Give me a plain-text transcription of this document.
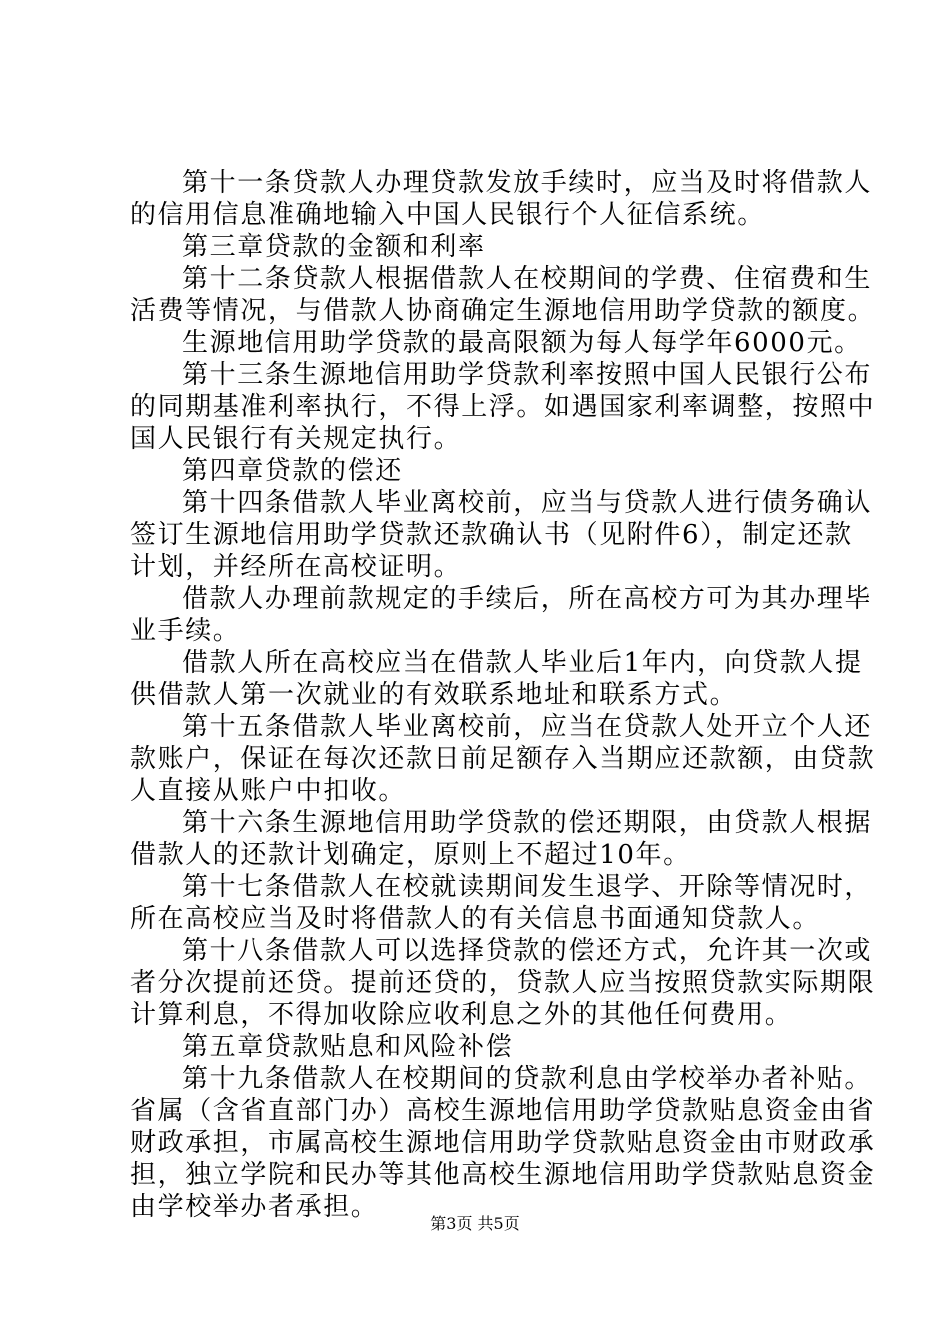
第十一条贷款人办理贷款发放手续时，应当及时将借款人
的信用信息准确地输入中国人民银行个人征信系统。
第三章贷款的金额和利率
第十二条贷款人根据借款人在校期间的学费、住宿费和生
活费等情况，与借款人协商确定生源地信用助学贷款的额度。
生源地信用助学贷款的最高限额为每人每学年6000元。
第十三条生源地信用助学贷款利率按照中国人民银行公布
的同期基准利率执行，不得上浮。如遇国家利率调整，按照中
国人民银行有关规定执行。
第四章贷款的偿还
第十四条借款人毕业离校前，应当与贷款人进行债务确认
签订生源地信用助学贷款还款确认书（见附件6），制定还款
计划，并经所在高校证明。
借款人办理前款规定的手续后，所在高校方可为其办理毕
业手续。
借款人所在高校应当在借款人毕业后1年内，向贷款人提
供借款人第一次就业的有效联系地址和联系方式。
第十五条借款人毕业离校前，应当在贷款人处开立个人还
款账户，保证在每次还款日前足额存入当期应还款额，由贷款
人直接从账户中扣收。
第十六条生源地信用助学贷款的偿还期限，由贷款人根据
借款人的还款计划确定，原则上不超过10年。
第十七条借款人在校就读期间发生退学、开除等情况时，
所在高校应当及时将借款人的有关信息书面通知贷款人。
第十八条借款人可以选择贷款的偿还方式，允许其一次或
者分次提前还贷。提前还贷的，贷款人应当按照贷款实际期限
计算利息，不得加收除应收利息之外的其他任何费用。
第五章贷款贴息和风险补偿
第十九条借款人在校期间的贷款利息由学校举办者补贴。
省属（含省直部门办）高校生源地信用助学贷款贴息资金由省
财政承担，市属高校生源地信用助学贷款贴息资金由市财政承
担，独立学院和民办等其他高校生源地信用助学贷款贴息资金
由学校举办者承担。
第3页 共5页
